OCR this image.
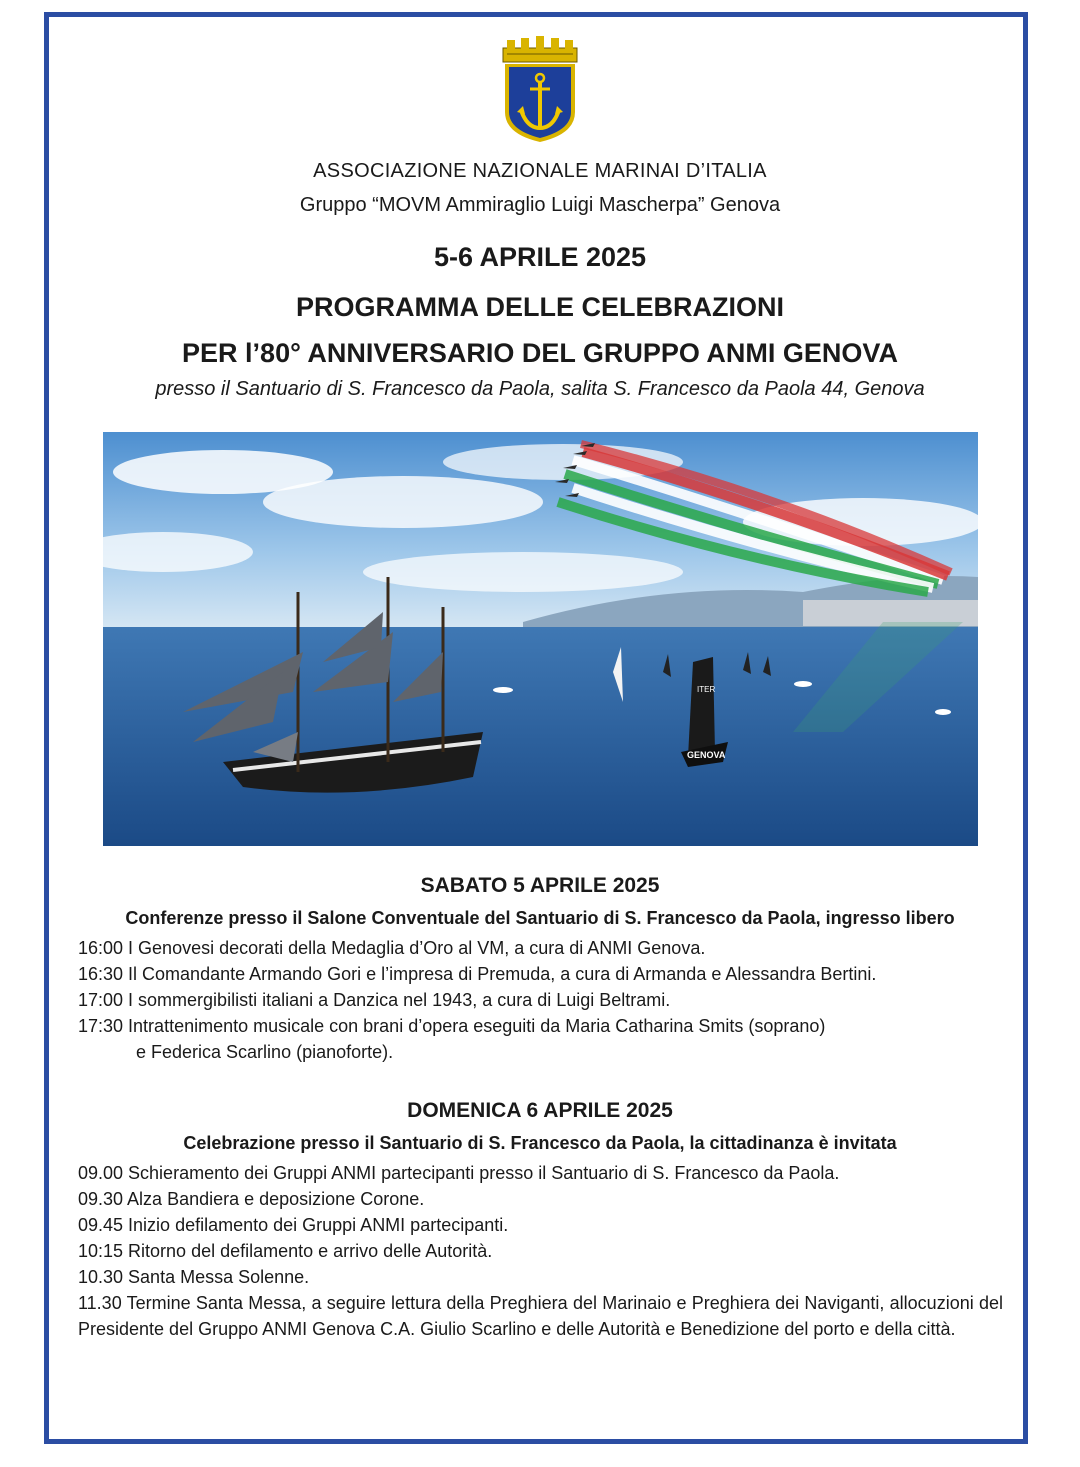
ASSOCIAZIONE NAZIONALE MARINAI D’ITALIA
Gruppo “MOVM Ammiraglio Luigi Mascherpa” Genova
5-6 APRILE 2025
PROGRAMMA DELLE CELEBRAZIONI
PER l’80° ANNIVERSARIO DEL GRUPPO ANMI GENOVA
presso il Santuario di S. Francesco da Paola, salita S. Francesco da Paola 44, Genova
GENOVA
ITER
SABATO 5 APRILE 2025
Conferenze presso il Salone Conventuale del Santuario di S. Francesco da Paola, ingresso libero
16:00 I Genovesi decorati della Medaglia d’Oro al VM, a cura di ANMI Genova.
16:30 Il Comandante Armando Gori e l’impresa di Premuda, a cura di Armanda e Alessandra Bertini.
17:00 I sommergibilisti italiani a Danzica nel 1943, a cura di Luigi Beltrami.
17:30 Intrattenimento musicale con brani d’opera eseguiti da Maria Catharina Smits (soprano)
e Federica Scarlino (pianoforte).
DOMENICA 6 APRILE 2025
Celebrazione presso il Santuario di S. Francesco da Paola, la cittadinanza è invitata
09.00 Schieramento dei Gruppi ANMI partecipanti presso il Santuario di S. Francesco da Paola.
09.30 Alza Bandiera e deposizione Corone.
09.45 Inizio defilamento dei Gruppi ANMI partecipanti.
10:15 Ritorno del defilamento e arrivo delle Autorità.
10.30 Santa Messa Solenne.
11.30 Termine Santa Messa, a seguire lettura della Preghiera del Marinaio e Preghiera dei Naviganti, allocuzioni del Presidente del Gruppo ANMI Genova C.A. Giulio Scarlino e delle Autorità e Benedizione del porto e della città.
